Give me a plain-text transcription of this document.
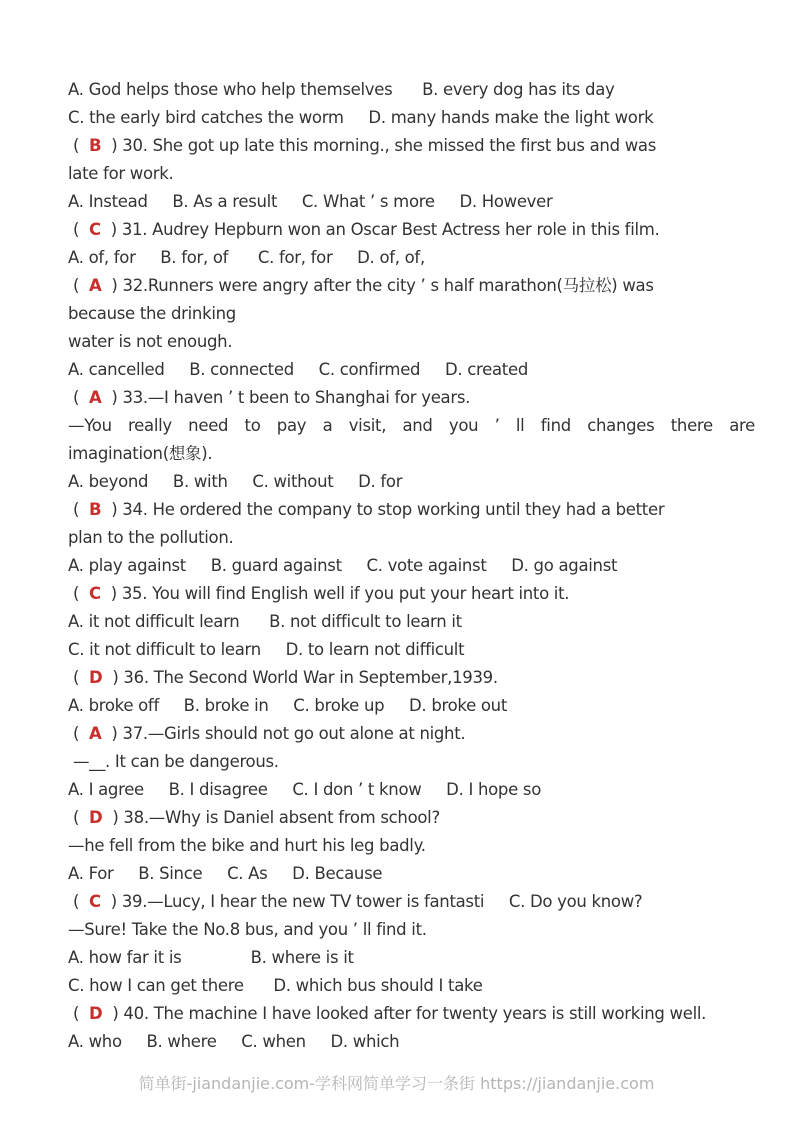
A. God helps those who help themselves      B. every dog has its day
C. the early bird catches the worm     D. many hands make the light work
(  B  ) 30. She got up late this morning., she missed the first bus and was
late for work.
A. Instead     B. As a result     C. What ’ s more     D. However
(  C  ) 31. Audrey Hepburn won an Oscar Best Actress her role in this film.
A. of, for     B. for, of      C. for, for     D. of, of,
(  A  ) 32.Runners were angry after the city ’ s half marathon(马拉松) was
because the drinking
water is not enough.
A. cancelled     B. connected     C. confirmed     D. created
(  A  ) 33.—I haven ’ t been to Shanghai for years.
—You really need to pay a visit, and you ’ ll find changes there are
imagination(想象).
A. beyond     B. with     C. without     D. for
(  B  ) 34. He ordered the company to stop working until they had a better
plan to the pollution.
A. play against     B. guard against     C. vote against     D. go against
(  C  ) 35. You will find English well if you put your heart into it.
A. it not difficult learn      B. not difficult to learn it
C. it not difficult to learn     D. to learn not difficult
(  D  ) 36. The Second World War in September,1939.
A. broke off     B. broke in     C. broke up     D. broke out
(  A  ) 37.—Girls should not go out alone at night.
—__. It can be dangerous.
A. I agree     B. I disagree     C. I don ’ t know     D. I hope so
(  D  ) 38.—Why is Daniel absent from school?
—he fell from the bike and hurt his leg badly.
A. For     B. Since     C. As     D. Because
(  C  ) 39.—Lucy, I hear the new TV tower is fantasti     C. Do you know?
—Sure! Take the No.8 bus, and you ’ ll find it.
A. how far it is              B. where is it
C. how I can get there      D. which bus should I take
(  D  ) 40. The machine I have looked after for twenty years is still working well.
A. who     B. where     C. when     D. which
简单街-jiandanjie.com-学科网简单学习一条街 https://jiandanjie.com
